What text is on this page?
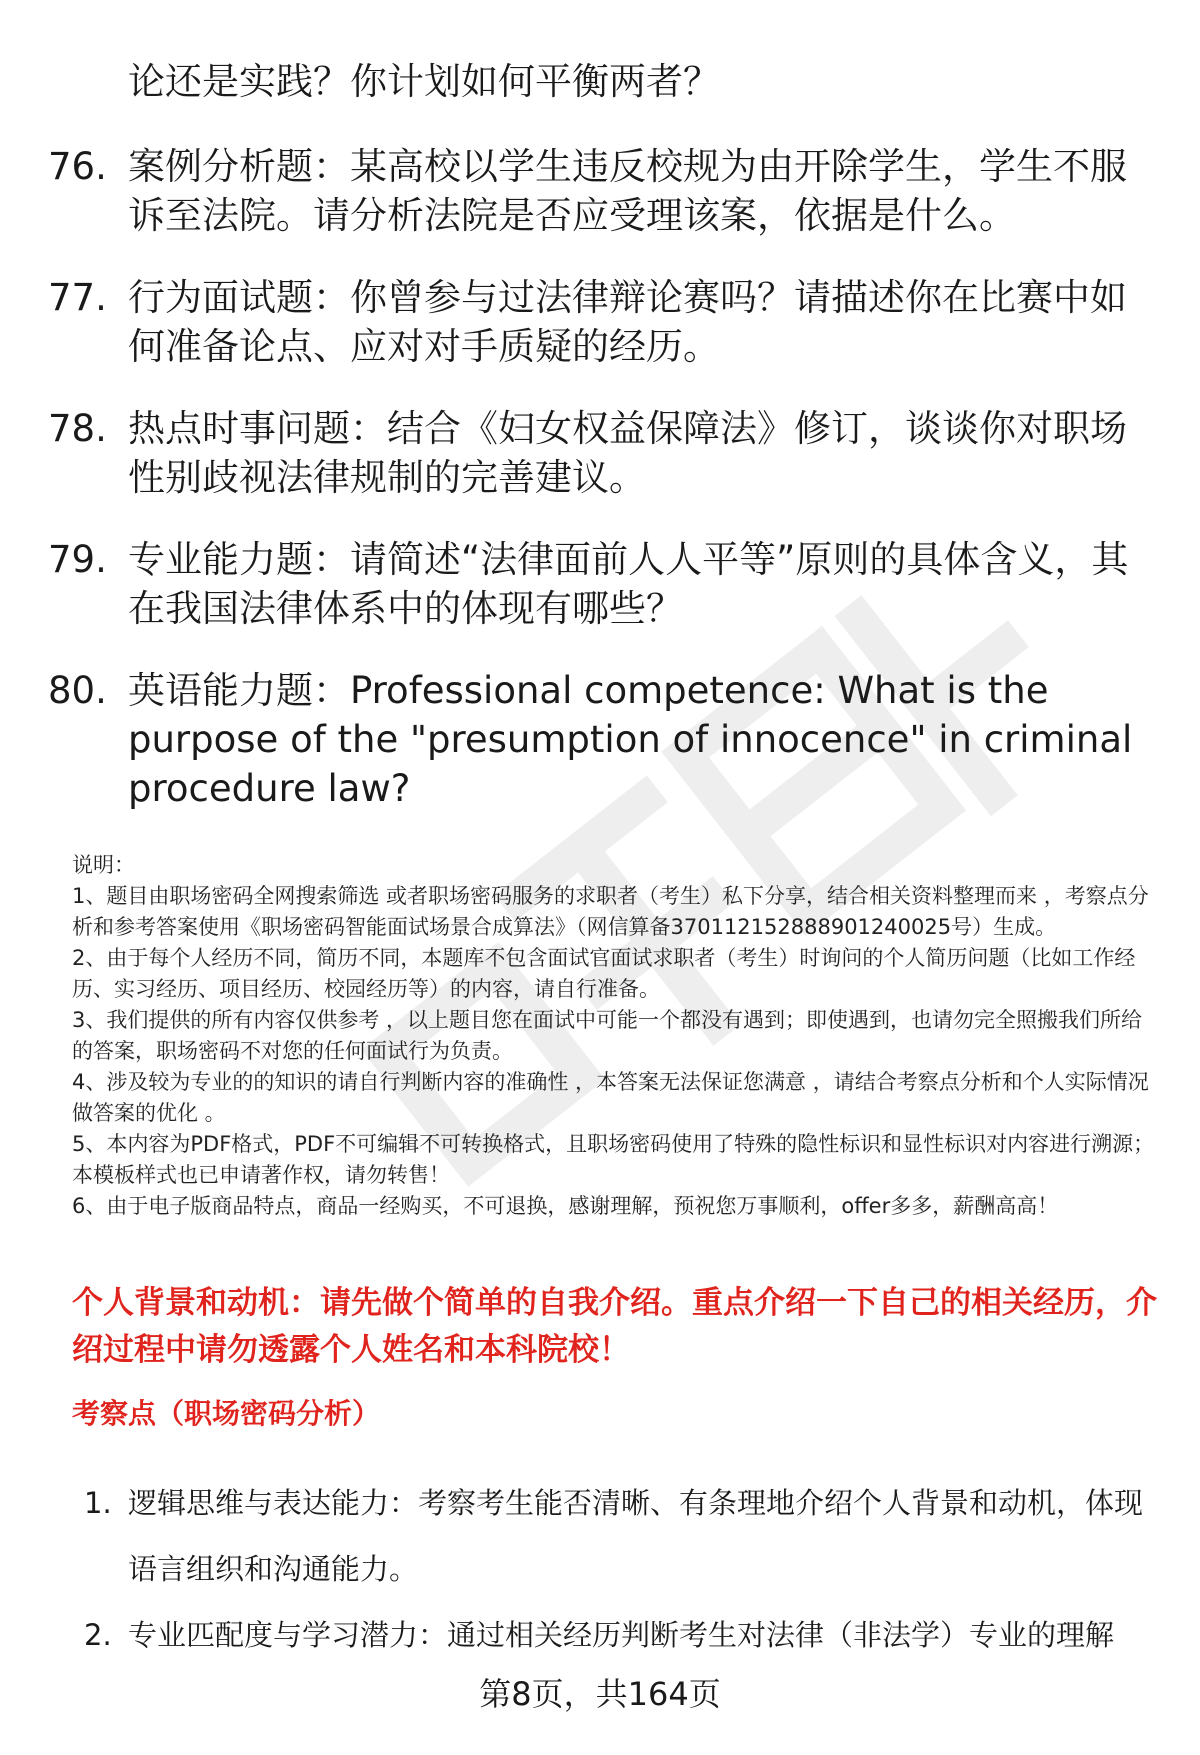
论还是实践？你计划如何平衡两者？
76. 案例分析题：某高校以学生违反校规为由开除学生，学生不服诉至法院。请分析法院是否应受理该案，依据是什么。
77. 行为面试题：你曾参与过法律辩论赛吗？请描述你在比赛中如何准备论点、应对对手质疑的经历。
78. 热点时事问题：结合《妇女权益保障法》修订，谈谈你对职场性别歧视法律规制的完善建议。
79. 专业能力题：请简述“法律面前人人平等”原则的具体含义，其在我国法律体系中的体现有哪些？
80. 英语能力题：Professional competence: What is the purpose of the "presumption of innocence" in criminal procedure law?

说明：

1、题目由职场密码全网搜索筛选 或者职场密码服务的求职者（考生）私下分享，结合相关资料整理而来 ，考察点分析和参考答案使用《职场密码智能面试场景合成算法》（网信算备370112152888901240025号）生成。

2、由于每个人经历不同，简历不同，本题库不包含面试官面试求职者（考生）时询问的个人简历问题（比如工作经历、实习经历、项目经历、校园经历等）的内容，请自行准备。

3、我们提供的所有内容仅供参考 ，以上题目您在面试中可能一个都没有遇到；即使遇到，也请勿完全照搬我们所给的答案，职场密码不对您的任何面试行为负责。

4、涉及较为专业的的知识的请自行判断内容的准确性 ，本答案无法保证您满意 ，请结合考察点分析和个人实际情况做答案的优化 。

5、本内容为PDF格式，PDF不可编辑不可转换格式，且职场密码使用了特殊的隐性标识和显性标识对内容进行溯源；本模板样式也已申请著作权，请勿转售！

6、由于电子版商品特点，商品一经购买，不可退换，感谢理解，预祝您万事顺利，offer多多，薪酬高高！

个人背景和动机：请先做个简单的自我介绍。重点介绍一下自己的相关经历，介绍过程中请勿透露个人姓名和本科院校！
考察点（职场密码分析）
1. 逻辑思维与表达能力：考察考生能否清晰、有条理地介绍个人背景和动机，体现语言组织和沟通能力。
2. 专业匹配度与学习潜力：通过相关经历判断考生对法律（非法学）专业的理解
第8页，共164页
